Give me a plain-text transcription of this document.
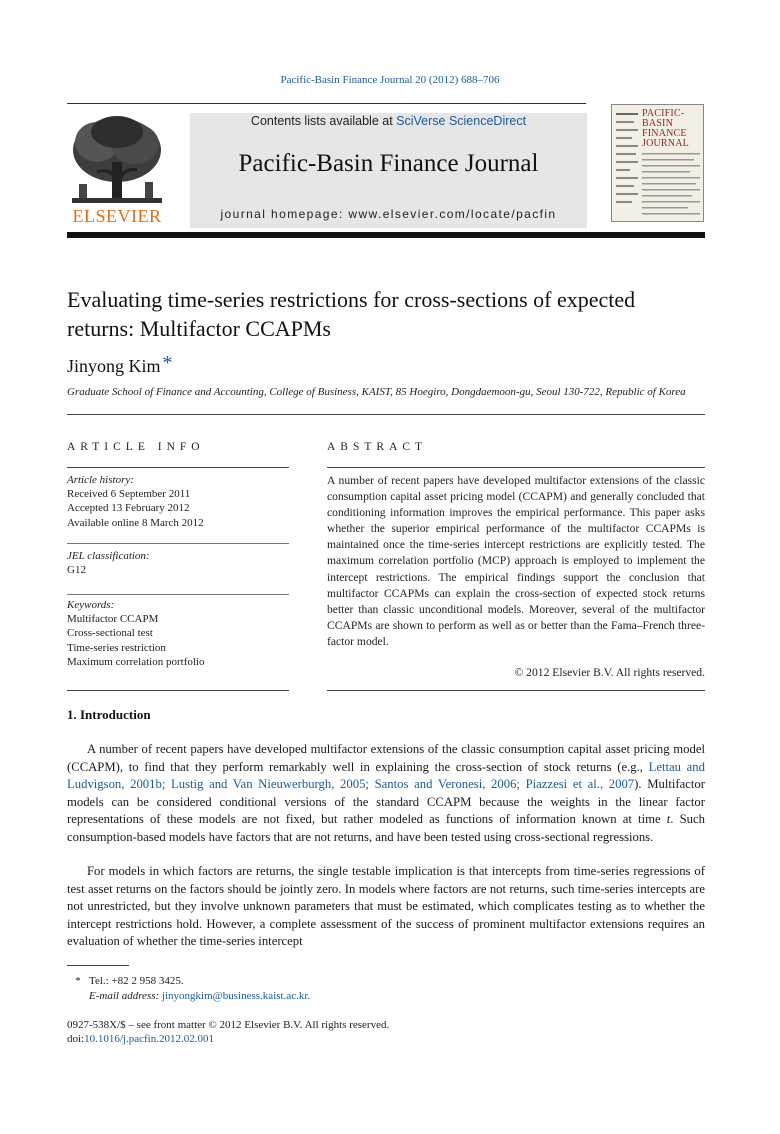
Pacific-Basin Finance Journal 20 (2012) 688–706
ELSEVIER
Contents lists available at SciVerse ScienceDirect
Pacific-Basin Finance Journal
journal homepage: www.elsevier.com/locate/pacfin
PACIFIC-
BASIN
FINANCE
JOURNAL
Evaluating time-series restrictions for cross-sections of expected returns: Multifactor CCAPMs
Jinyong Kim *
Graduate School of Finance and Accounting, College of Business, KAIST, 85 Hoegiro, Dongdaemoon-gu, Seoul 130-722, Republic of Korea
ARTICLE INFO	ABSTRACT
Article history:
Received 6 September 2011
Accepted 13 February 2012
Available online 8 March 2012
JEL classification:
G12
Keywords:
Multifactor CCAPM
Cross-sectional test
Time-series restriction
Maximum correlation portfolio
A number of recent papers have developed multifactor extensions of the classic consumption capital asset pricing model (CCAPM) and generally concluded that conditioning information improves the empirical performance. This paper asks whether the superior empirical performance of the multifactor CCAPMs is maintained once the time-series intercept restrictions are explicitly tested. The maximum correlation portfolio (MCP) approach is employed to implement the intercept restrictions. The empirical findings support the conclusion that multifactor CCAPMs can explain the cross-section of expected stock returns better than classic unconditional models. Moreover, several of the multifactor CCAPMs are shown to perform as well as or better than the Fama–French three-factor model.
© 2012 Elsevier B.V. All rights reserved.
1. Introduction

A number of recent papers have developed multifactor extensions of the classic consumption capital asset pricing model (CCAPM), to find that they perform remarkably well in explaining the cross-section of stock returns (e.g., Lettau and Ludvigson, 2001b; Lustig and Van Nieuwerburgh, 2005; Santos and Veronesi, 2006; Piazzesi et al., 2007). Multifactor models can be considered conditional versions of the standard CCAPM because the weights in the linear factor representations of these models are not fixed, but rather modeled as functions of information known at time t. Such consumption-based models have factors that are not returns, and have been tested using cross-sectional regressions.

For models in which factors are returns, the single testable implication is that intercepts from time-series regressions of test asset returns on the factors should be jointly zero. In models where factors are not returns, such time-series intercepts are not unrestricted, but they involve unknown parameters that must be estimated, which complicates testing as to whether the intercept restrictions hold. However, a complete assessment of the success of prominent multifactor extensions requires an evaluation of whether the time-series intercept

* Tel.: +82 2 958 3425.
E-mail address: jinyongkim@business.kaist.ac.kr.
0927-538X/$ – see front matter © 2012 Elsevier B.V. All rights reserved.
doi:10.1016/j.pacfin.2012.02.001
